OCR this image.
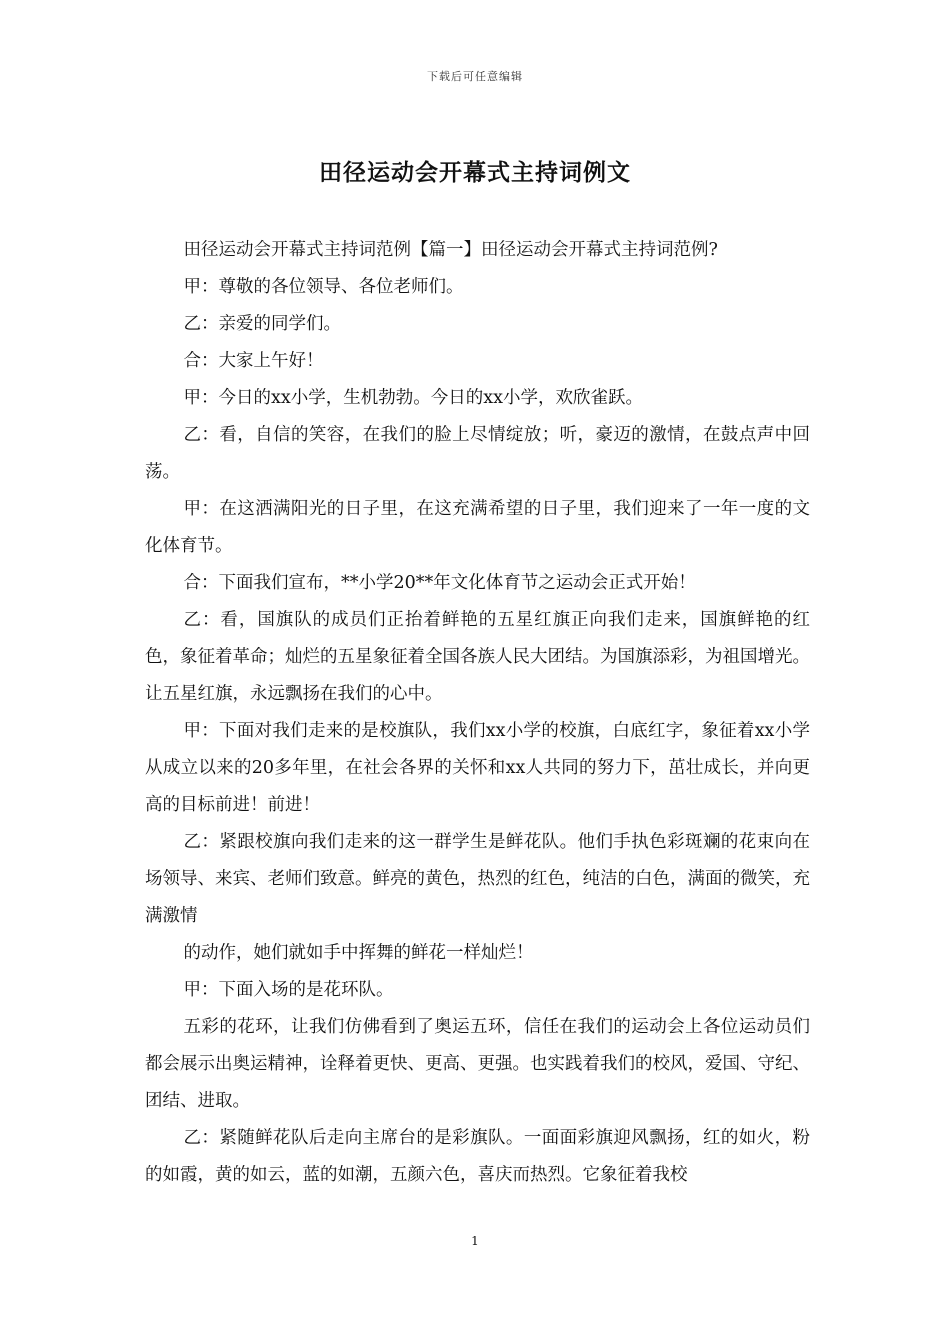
下载后可任意编辑
田径运动会开幕式主持词例文

田径运动会开幕式主持词范例【篇一】田径运动会开幕式主持词范例?

甲：尊敬的各位领导、各位老师们。

乙：亲爱的同学们。

合：大家上午好！

甲：今日的xx小学，生机勃勃。今日的xx小学，欢欣雀跃。

乙：看，自信的笑容，在我们的脸上尽情绽放；听，豪迈的激情，在鼓点声中回荡。

甲：在这洒满阳光的日子里，在这充满希望的日子里，我们迎来了一年一度的文化体育节。

合：下面我们宣布，**小学20**年文化体育节之运动会正式开始！

乙：看，国旗队的成员们正抬着鲜艳的五星红旗正向我们走来，国旗鲜艳的红色，象征着革命；灿烂的五星象征着全国各族人民大团结。为国旗添彩，为祖国增光。让五星红旗，永远飘扬在我们的心中。

甲：下面对我们走来的是校旗队，我们xx小学的校旗，白底红字，象征着xx小学从成立以来的20多年里，在社会各界的关怀和xx人共同的努力下，茁壮成长，并向更高的目标前进！前进！

乙：紧跟校旗向我们走来的这一群学生是鲜花队。他们手执色彩斑斓的花束向在场领导、来宾、老师们致意。鲜亮的黄色，热烈的红色，纯洁的白色，满面的微笑，充满激情

的动作，她们就如手中挥舞的鲜花一样灿烂！

甲：下面入场的是花环队。

五彩的花环，让我们仿佛看到了奥运五环，信任在我们的运动会上各位运动员们都会展示出奥运精神，诠释着更快、更高、更强。也实践着我们的校风，爱国、守纪、团结、进取。

乙：紧随鲜花队后走向主席台的是彩旗队。一面面彩旗迎风飘扬，红的如火，粉的如霞，黄的如云，蓝的如潮，五颜六色，喜庆而热烈。它象征着我校

1
